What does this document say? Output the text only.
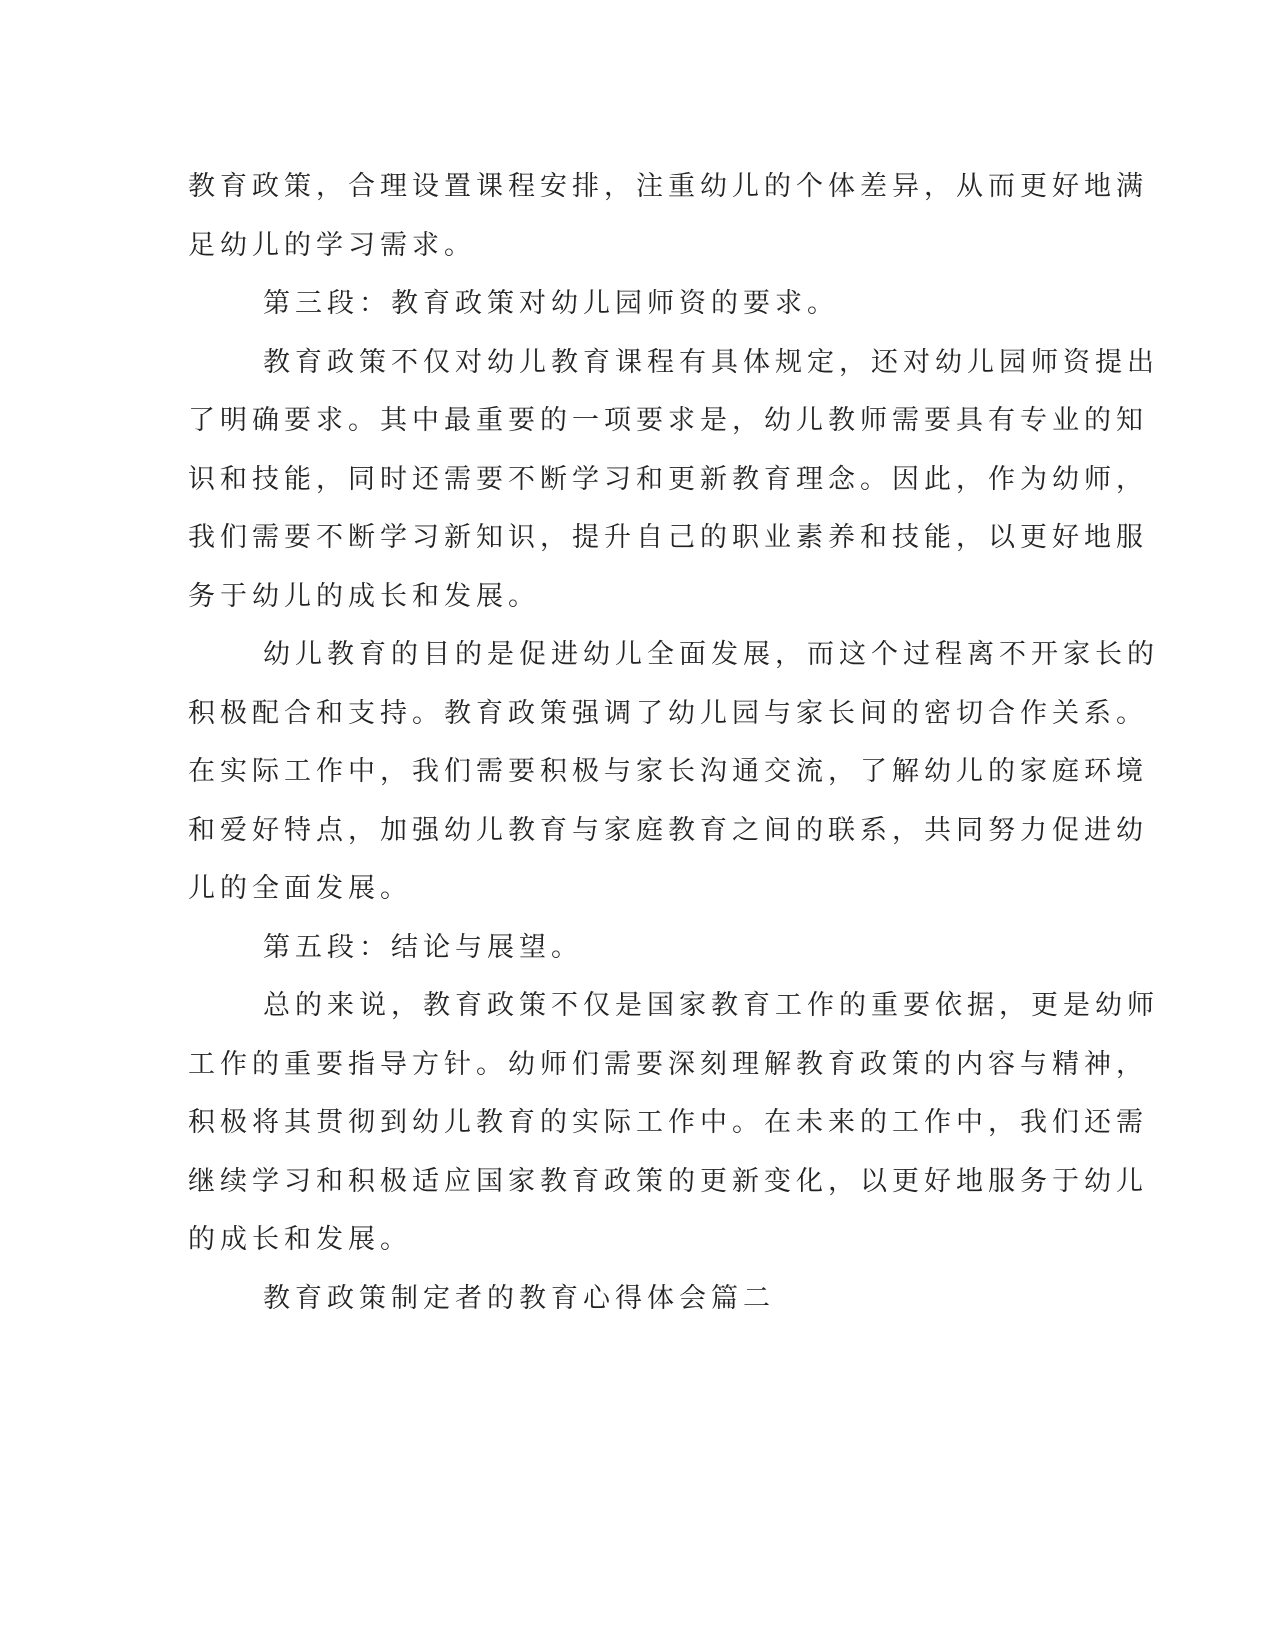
教育政策，合理设置课程安排，注重幼儿的个体差异，从而更好地满

足幼儿的学习需求。

第三段：教育政策对幼儿园师资的要求。

教育政策不仅对幼儿教育课程有具体规定，还对幼儿园师资提出

了明确要求。其中最重要的一项要求是，幼儿教师需要具有专业的知

识和技能，同时还需要不断学习和更新教育理念。因此，作为幼师，

我们需要不断学习新知识，提升自己的职业素养和技能，以更好地服

务于幼儿的成长和发展。

幼儿教育的目的是促进幼儿全面发展，而这个过程离不开家长的

积极配合和支持。教育政策强调了幼儿园与家长间的密切合作关系。

在实际工作中，我们需要积极与家长沟通交流，了解幼儿的家庭环境

和爱好特点，加强幼儿教育与家庭教育之间的联系，共同努力促进幼

儿的全面发展。

第五段：结论与展望。

总的来说，教育政策不仅是国家教育工作的重要依据，更是幼师

工作的重要指导方针。幼师们需要深刻理解教育政策的内容与精神，

积极将其贯彻到幼儿教育的实际工作中。在未来的工作中，我们还需

继续学习和积极适应国家教育政策的更新变化，以更好地服务于幼儿

的成长和发展。

教育政策制定者的教育心得体会篇二
